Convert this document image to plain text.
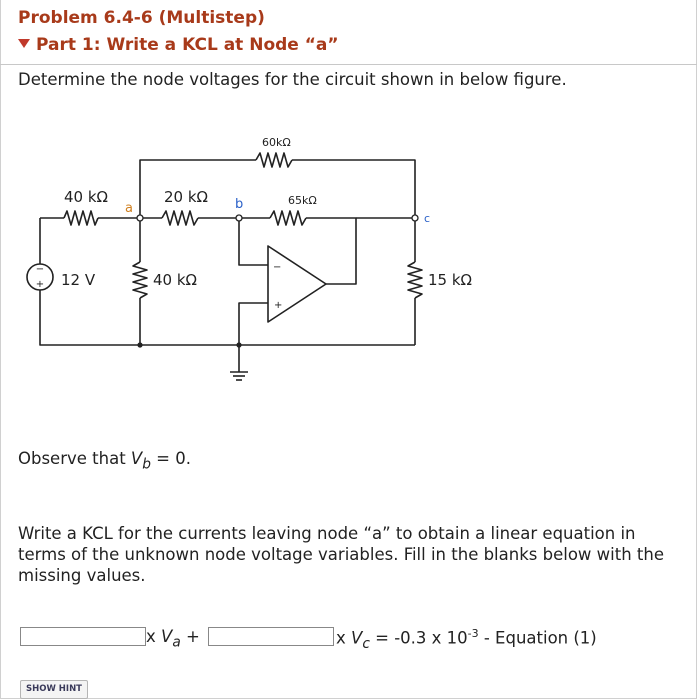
Problem 6.4-6 (Multistep)
Part 1: Write a KCL at Node “a”
Determine the node voltages for the circuit shown in below figure.
−
+
−
+
60kΩ
40 kΩ	20 kΩ	65kΩ
40 kΩ	15 kΩ
12 V
a	b
c
Observe that $V_b = 0$.
Write a KCL for the currents leaving node “a” to obtain a linear equation in terms of the unknown node voltage variables. Fill in the blanks below with the missing values.
x $V_a$ +	x $V_c = -0.3$ x $10^{-3}$ - Equation (1)
SHOW HINT
